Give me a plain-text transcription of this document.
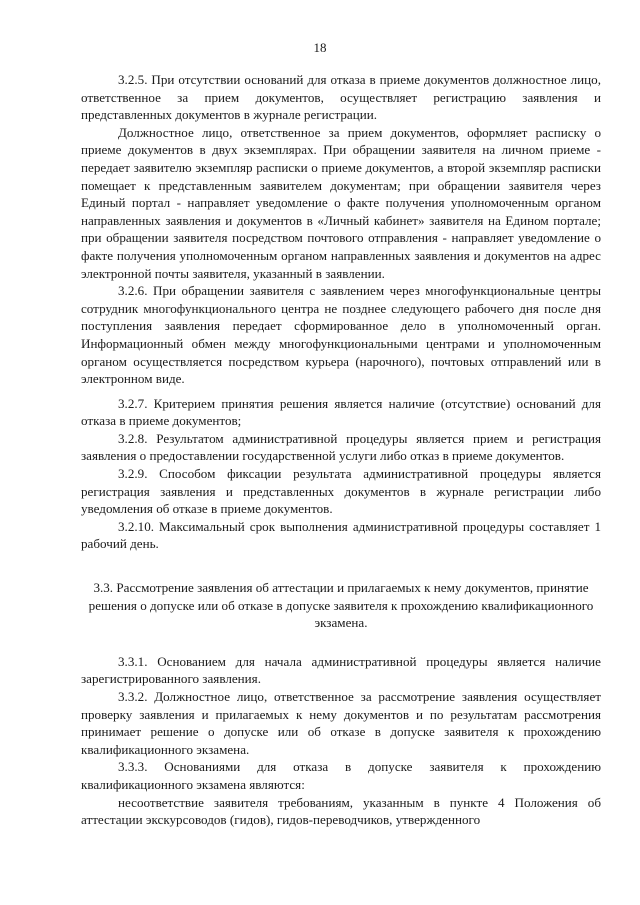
18

3.2.5. При отсутствии оснований для отказа в приеме документов должностное лицо, ответственное за прием документов, осуществляет регистрацию заявления и представленных документов в журнале регистрации.

Должностное лицо, ответственное за прием документов, оформляет расписку о приеме документов в двух экземплярах. При обращении заявителя на личном приеме - передает заявителю экземпляр расписки о приеме документов, а второй экземпляр расписки помещает к представленным заявителем документам; при обращении заявителя через Единый портал - направляет уведомление о факте получения уполномоченным органом направленных заявления и документов в «Личный кабинет» заявителя на Едином портале; при обращении заявителя посредством почтового отправления - направляет уведомление о факте получения уполномоченным органом направленных заявления и документов на адрес электронной почты заявителя, указанный в заявлении.

3.2.6. При обращении заявителя с заявлением через многофункциональные центры сотрудник многофункционального центра не позднее следующего рабочего дня после дня поступления заявления передает сформированное дело в уполномоченный орган. Информационный обмен между многофункциональными центрами и уполномоченным органом осуществляется посредством курьера (нарочного), почтовых отправлений или в электронном виде.

3.2.7. Критерием принятия решения является наличие (отсутствие) оснований для отказа в приеме документов;

3.2.8. Результатом административной процедуры является прием и регистрация заявления о предоставлении государственной услуги либо отказ в приеме документов.

3.2.9. Способом фиксации результата административной процедуры является регистрация заявления и представленных документов в журнале регистрации либо уведомления об отказе в приеме документов.

3.2.10. Максимальный срок выполнения административной процедуры составляет 1 рабочий день.

3.3. Рассмотрение заявления об аттестации и прилагаемых к нему документов, принятие решения о допуске или об отказе в допуске заявителя к прохождению квалификационного экзамена.

3.3.1. Основанием для начала административной процедуры является наличие зарегистрированного заявления.

3.3.2. Должностное лицо, ответственное за рассмотрение заявления осуществляет проверку заявления и прилагаемых к нему документов и по результатам рассмотрения принимает решение о допуске или об отказе в допуске заявителя к прохождению квалификационного экзамена.

3.3.3. Основаниями для отказа в допуске заявителя к прохождению квалификационного экзамена являются:

несоответствие заявителя требованиям, указанным в пункте 4 Положения об аттестации экскурсоводов (гидов), гидов-переводчиков, утвержденного
